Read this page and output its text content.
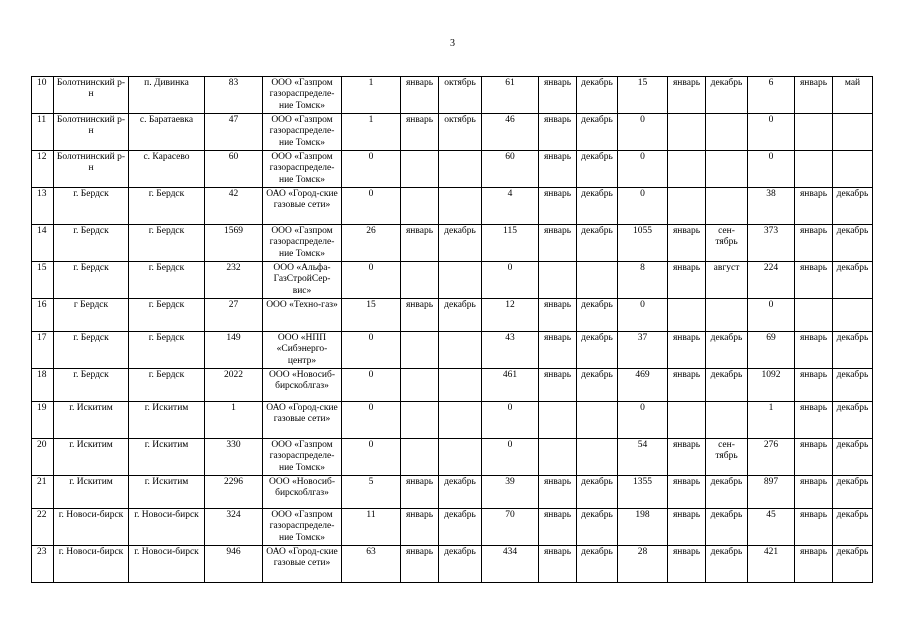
3
10	Болотнинский р-н	п. Дивинка	83	ООО «Газпром газораспределе-ние Томск»	1	январь	октябрь	61	январь	декабрь	15	январь	декабрь	6	январь	май
11	Болотнинский р-н	с. Баратаевка	47	ООО «Газпром газораспределе-ние Томск»	1	январь	октябрь	46	январь	декабрь	0			0		
12	Болотнинский р-н	с. Карасево	60	ООО «Газпром газораспределе-ние Томск»	0			60	январь	декабрь	0			0		
13	г. Бердск	г. Бердск	42	ОАО «Город-ские газовые сети»	0			4	январь	декабрь	0			38	январь	декабрь
14	г. Бердск	г. Бердск	1569	ООО «Газпром газораспределе-ние Томск»	26	январь	декабрь	115	январь	декабрь	1055	январь	сен-тябрь	373	январь	декабрь
15	г. Бердск	г. Бердск	232	ООО «Альфа-ГазСтройСер-вис»	0			0			8	январь	август	224	январь	декабрь
16	г Бердск	г. Бердск	27	ООО «Техно-газ»	15	январь	декабрь	12	январь	декабрь	0			0		
17	г. Бердск	г. Бердск	149	ООО «НПП «Сибэнерго-центр»	0			43	январь	декабрь	37	январь	декабрь	69	январь	декабрь
18	г. Бердск	г. Бердск	2022	ООО «Новосиб-бирскоблгаз»	0			461	январь	декабрь	469	январь	декабрь	1092	январь	декабрь
19	г. Искитим	г. Искитим	1	ОАО «Город-ские газовые сети»	0			0			0			1	январь	декабрь
20	г. Искитим	г. Искитим	330	ООО «Газпром газораспределе-ние Томск»	0			0			54	январь	сен-тябрь	276	январь	декабрь
21	г. Искитим	г. Искитим	2296	ООО «Новосиб-бирскоблгаз»	5	январь	декабрь	39	январь	декабрь	1355	январь	декабрь	897	январь	декабрь
22	г. Новоси-бирск	г. Новоси-бирск	324	ООО «Газпром газораспределе-ние Томск»	11	январь	декабрь	70	январь	декабрь	198	январь	декабрь	45	январь	декабрь
23	г. Новоси-бирск	г. Новоси-бирск	946	ОАО «Город-ские газовые сети»	63	январь	декабрь	434	январь	декабрь	28	январь	декабрь	421	январь	декабрь
